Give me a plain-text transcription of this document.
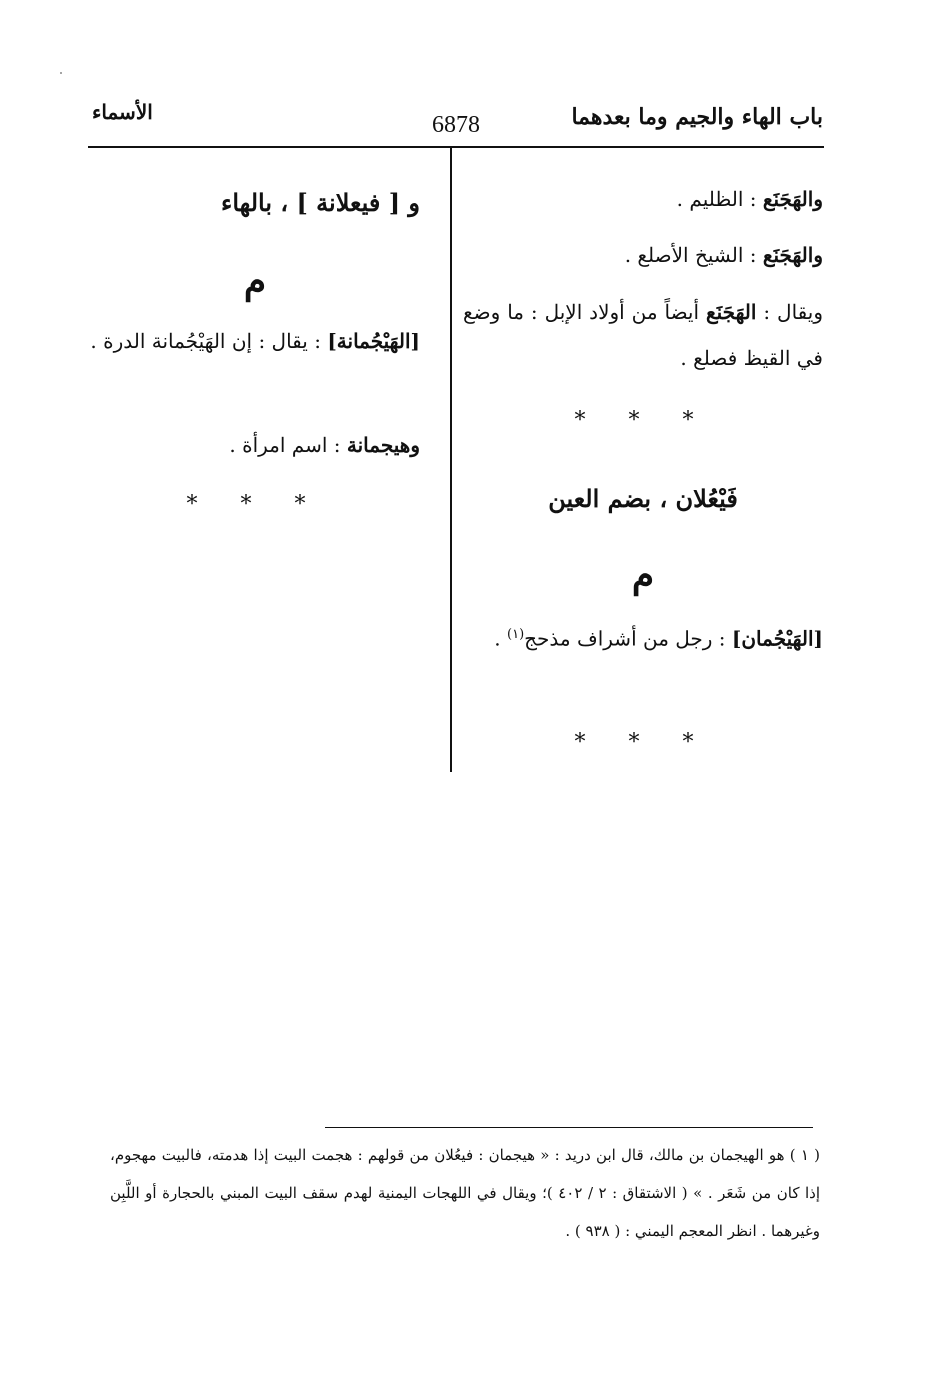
باب الهاء والجيم وما بعدهما
6878
الأسماء
والهَجَنَع : الظليم .
والهَجَنَع : الشيخ الأصلع .
ويقال : الهَجَنَع أيضاً من أولاد الإبل : ما وضع في القيظ فصلع .
* * *
فَيْعُلان ، بضم العين
م
[الهَيْجُمان] : رجل من أشراف مذحج$^{(١)}$ .
* * *
و [ فيعلانة ] ، بالهاء
م
[الهَيْجُمانة] : يقال : إن الهَيْجُمانة الدرة .
وهيجمانة : اسم امرأة .
* * *
( ١ ) هو الهيجمان بن مالك، قال ابن دريد : « هيجمان : فيعُلان من قولهم : هجمت البيت إذا هدمته، فالبيت مهجوم، إذا كان من شَعَر . » ( الاشتقاق : ٢ / ٤٠٢ )؛ ويقال في اللهجات اليمنية لهدم سقف البيت المبني بالحجارة أو اللَّبِن وغيرهما . انظر المعجم اليمني : ( ٩٣٨ ) .
